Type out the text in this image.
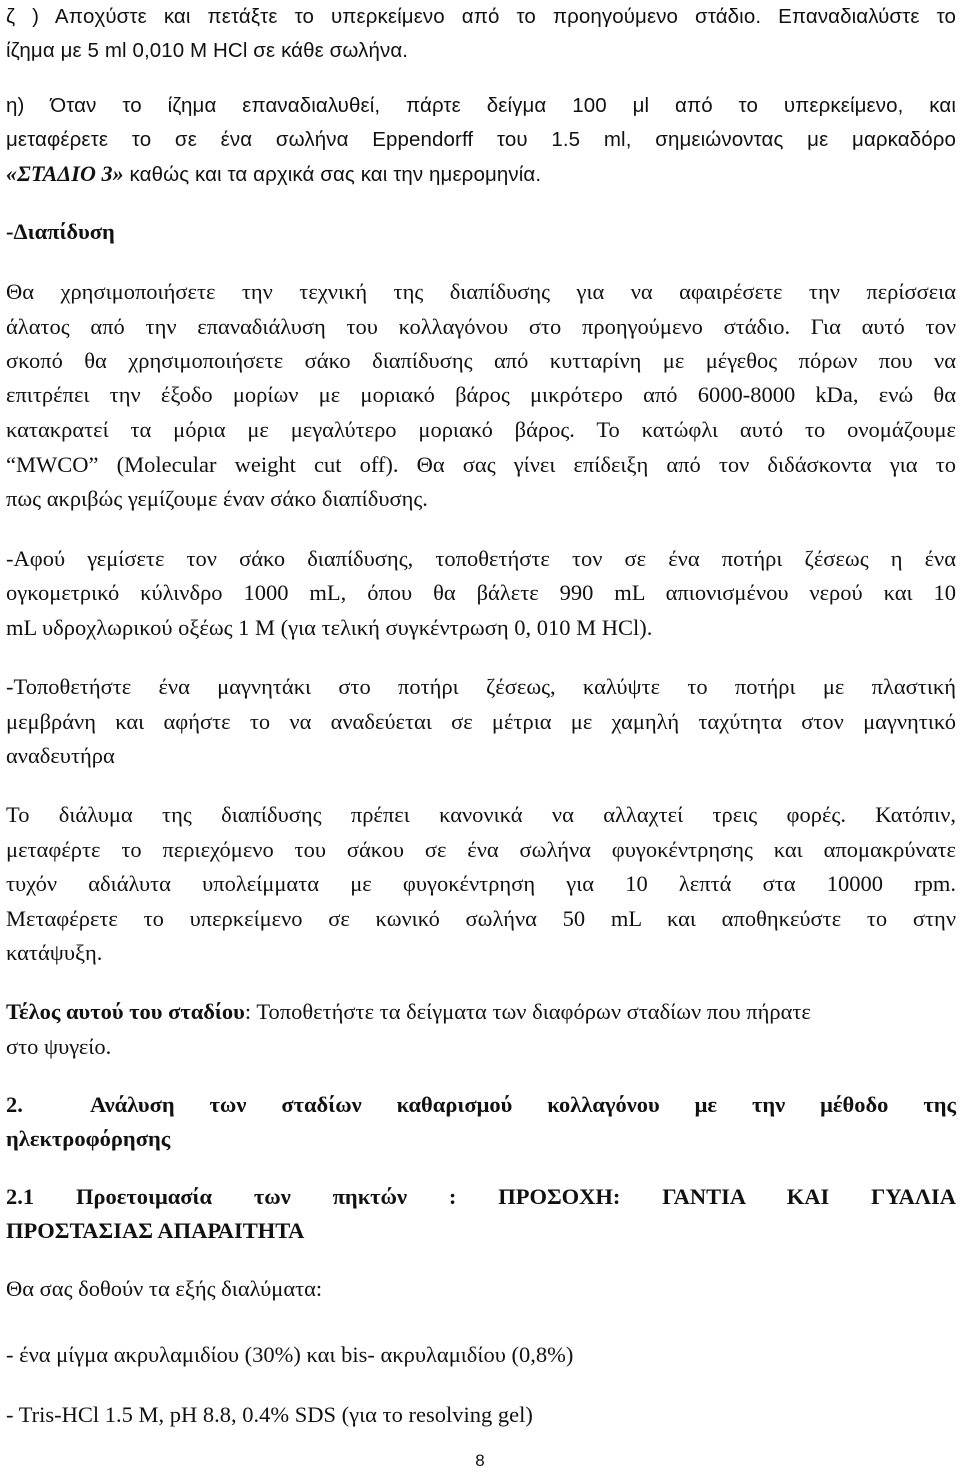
ζ ) Απoχύστε και πετάξτε το υπερκείμενο από το προηγούμενο στάδιο. Επαναδιαλύστε το
ίζημα με 5 ml 0,010 M HCl σε κάθε σωλήνα.
η) Όταν το ίζημα επαναδιαλυθεί, πάρτε δείγμα 100 μl από το υπερκείμενο, και
μεταφέρετε το σε ένα σωλήνα Eppendorff του 1.5 ml, σημειώνοντας με μαρκαδόρο
«ΣΤΑΔΙΟ 3» καθώς και τα αρχικά σας και την ημερομηνία.
-Διαπίδυση
Θα χρησιμοποιήσετε την τεχνική της διαπίδυσης για να αφαιρέσετε την περίσσεια
άλατος από την επαναδιάλυση του κολλαγόνου στο προηγούμενο στάδιο. Για αυτό τον
σκοπό θα χρησιμοποιήσετε σάκο διαπίδυσης από κυτταρίνη με μέγεθος πόρων που να
επιτρέπει την έξοδο μορίων με μοριακό βάρος μικρότερο από 6000-8000 kDa, ενώ θα
κατακρατεί τα μόρια με μεγαλύτερο μοριακό βάρος. Το κατώφλι αυτό το ονομάζουμε
“MWCO” (Molecular weight cut off). Θα σας γίνει επίδειξη από τον διδάσκοντα για το
πως ακριβώς γεμίζουμε έναν σάκο διαπίδυσης.
-Αφού γεμίσετε τον σάκο διαπίδυσης, τοποθετήστε τον σε ένα ποτήρι ζέσεως η ένα
ογκομετρικό κύλινδρο 1000 mL, όπου θα βάλετε 990 mL απιονισμένου νερού και 10
mL υδροχλωρικού οξέως 1 Μ (για τελική συγκέντρωση 0, 010 Μ HCl).
-Τοποθετήστε ένα μαγνητάκι στο ποτήρι ζέσεως, καλύψτε το ποτήρι με πλαστική
μεμβράνη και αφήστε το να αναδεύεται σε μέτρια με χαμηλή ταχύτητα στον μαγνητικό
αναδευτήρα
Το διάλυμα της διαπίδυσης πρέπει κανονικά να αλλαχτεί τρεις φορές. Κατόπιν,
μεταφέρτε το περιεχόμενο του σάκου σε ένα σωλήνα φυγοκέντρησης και απομακρύνατε
τυχόν αδιάλυτα υπολείμματα με φυγοκέντρηση για 10 λεπτά στα 10000 rpm.
Μεταφέρετε το υπερκείμενο σε κωνικό σωλήνα 50 mL και αποθηκεύστε το στην
κατάψυξη.
Τέλος αυτού του σταδίου: Τοποθετήστε τα δείγματα των διαφόρων σταδίων που πήρατε
στο ψυγείο.
2.	Ανάλυση των σταδίων καθαρισμού κολλαγόνου με την μέθοδο της
ηλεκτροφόρησης
2.1 Προετοιμασία των πηκτών : ΠΡΟΣΟΧΗ: ΓΑΝΤΙΑ ΚΑΙ ΓΥΑΛΙΑ
ΠΡΟΣΤΑΣΙΑΣ ΑΠΑΡΑΙΤΗΤΑ
Θα σας δοθούν τα εξής διαλύματα:
- ένα μίγμα ακρυλαμιδίου (30%) και bis- ακρυλαμιδίου (0,8%)
- Tris-HCl 1.5 M, pH 8.8, 0.4% SDS (για το resolving gel)
8
